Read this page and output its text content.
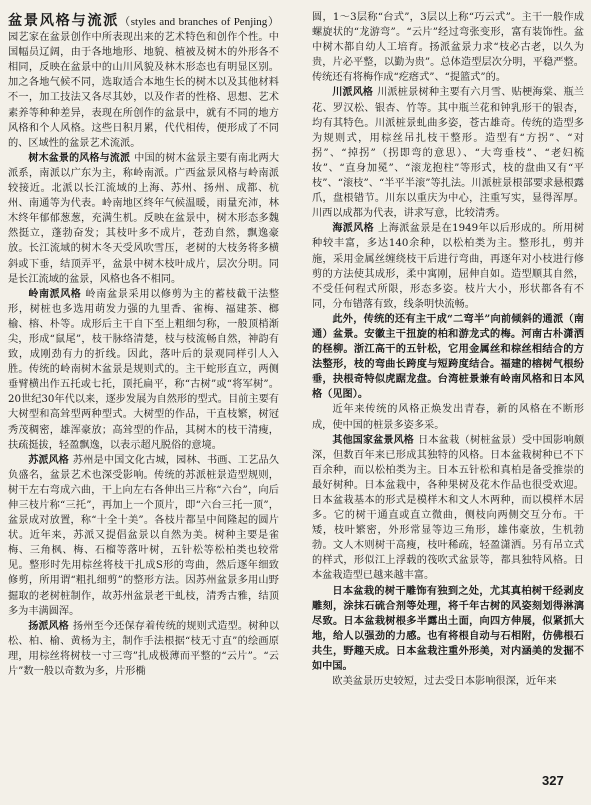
盆景风格与流派（styles and branches of Penjing）园艺家在盆景创作中所表现出来的艺术特色和创作个性。中国幅员辽阔，由于各地地形、地貌、植被及树木的外形各不相同，反映在盆景中的山川风貌及林木形态也有明显区别。加之各地气候不同，选取适合本地生长的树木以及其他材料不一，加工技法又各尽其妙，以及作者的性格、思想、艺术素养等种种差异，表现在所创作的盆景中，就有不同的地方风格和个人风格。这些日积月累，代代相传，便形成了不同的、区域性的盆景艺术流派。

树木盆景的风格与流派 中国的树木盆景主要有南北两大派系，南派以广东为主，称岭南派。广西盆景风格与岭南派较接近。北派以长江流域的上海、苏州、扬州、成都、杭州、南通等为代表。岭南地区终年气候温暖，雨量充沛，林木终年郁郁葱葱，充满生机。反映在盆景中，树木形态多魏然挺立，蓬勃奋发；其枝叶多不成片，苍劲自然，飘逸豪放。长江流域的树木冬天受风吹雪压，老树的大枝务将多横斜或下垂，结顶弄平，盆景中树木枝叶成片，层次分明。同是长江流域的盆景，风格也各不相同。

岭南派风格 岭南盆景采用以修剪为主的蓄枝截干法整形，树桩也多选用萌发力强的九里香、雀梅、福建茶、榔榆、榕、朴等。成形后主干自下至上粗细匀称，一般顶梢渐尖，形成“鼠尾”，枝干脉络清楚，枝与枝流畅自然，神韵有致，成刚劲有力的折线。因此，落叶后的景观同样引人入胜。传统的岭南树木盆景是规则式的。主干蛇形直立，两侧垂臂横出作五托或七托，顶托扁平，称“古树”或“将军树”。20世纪30年代以来，逐步发展为自然形的型式。目前主要有大树型和高耸型两种型式。大树型的作品，干直枝繁，树冠秀茂稠密，雄浑豪放；高耸型的作品，其树木的枝干清瘦，扶疏挺拔，轻盈飘逸，以表示超凡脱俗的意境。

苏派风格 苏州是中国文化古城，园林、书画、工艺品久负盛名，盆景艺术也深受影响。传统的苏派桩景造型规则，树干左右弯成六曲，干上向左右各伸出三片称“六台”，向后伸三枝片称“三托”，再加上一个顶片，即“六台三托一顶”，盆景成对放置，称“十全十美”。各枝片都呈中间隆起的圆片状。近年来，苏派又提倡盆景以自然为美。树种主要是雀梅、三角枫、梅、石榴等落叶树，五针松等松柏类也较常见。整形时先用棕丝将枝干扎成S形的弯曲，然后逐年细致修剪，所用谓“粗扎细剪”的整形方法。因苏州盆景多用山野掘取的老树桩制作，故苏州盆景老干虬枝，清秀古雅，结顶多为丰满圆浑。

扬派风格 扬州至今还保存着传统的规则式造型。树种以松、柏、榆、黄杨为主，制作手法根据“枝无寸直”的绘画原理，用棕丝将树枝一寸三弯”扎成极薄而平整的“云片”。“云片”数一般以奇数为多，片形椭

圆，1～3层称“台式”，3层以上称“巧云式”。主干一般作成螺旋状的“龙游弯”。“云片”经过弯张变形，富有装饰性。盆中树木都自幼人工培育。扬派盆景力求“枝必古老，以久为贵，片必平整，以勤为贵”。总体造型层次分明，平稳严整。传统还有将梅作成“疙瘩式”、“提篮式”的。

川派风格 川派桩景树种主要有六月雪、贴梗海棠、瓶兰花、罗汉松、银杏、竹等。其中瓶兰花和钟乳形干的银杏，均有其特色。川派桩景虬曲多姿，苍古雄奇。传统的造型多为规则式，用棕丝吊扎枝干整形。造型有“方拐”、“对拐”、“掉拐”（拐即弯的意思）、“大弯垂枝”、“老妇梳妆”、“直身加冕”、“滚龙抱柱”等形式，枝的盘曲又有“平枝”、“滚枝”、“半平半滚”等扎法。川派桩景根部要求悬根露爪，盘根错节。川东以重庆为中心，注重写实，显得浑厚。川西以成都为代表，讲求写意，比较清秀。

海派风格 上海派盆景是在1949年以后形成的。所用树种较丰富，多达140余种，以松柏类为主。整形扎，剪并施，采用金属丝缠绕枝干后进行弯曲，再逐年对小枝进行修剪的方法使其成形，柔中寓刚，屈伸自如。造型顺其自然，不受任何程式所限，形态多姿。枝片大小，形状都各有不同，分布错落有致，线条明快流畅。

此外，传统的还有主干成“二弯半”向前倾斜的通派（南通）盆景。安徽主干扭旋的柏和游龙式的梅。河南古朴潇洒的柽柳。浙江高干的五针松，它用金属丝和棕丝相结合的方法整形，枝的弯曲长跨度与短跨度结合。福建的榕树气根纷垂，抉根奇特似虎踞龙盘。台湾桩景兼有岭南风格和日本风格（见图）。

近年来传统的风格正焕发出青春，新的风格在不断形成，使中国的桩景多姿多采。

其他国家盆景风格 日本盆栽（树桩盆景）受中国影响颇深，但数百年来已形成其独特的风格。日本盆栽树种已不下百余种，而以松柏类为主。日本五针松和真柏是备受推崇的最好树种。日本盆栽中，各种果树及花木作品也很受欢迎。日本盆栽基本的形式是模样木和文人木两种，而以模样木居多。它的树干通直或直立微曲，侧枝向两侧交互分布。干矮，枝叶繁密，外形常显等边三角形，雄伟豪放，生机勃勃。文人木则树干高瘦，枝叶稀疏，轻盈潇洒。另有吊立式的样式，形似江上浮载的筏吹式盆景等，都具独特风格。日本盆栽造型已越来越丰富。

日本盆栽的树干雕饰有独到之处，尤其真柏树干经剥皮雕刻，涂抹石硫合剂等处理，将千年古树的风姿刻划得淋漓尽致。日本盆栽树根多半露出土面，向四方伸展，似紧抓大地，给人以强劲的力感。也有将根自动与石相附，仿佛根石共生，野趣天成。日本盆栽注重外形美，对内涵美的发掘不如中国。

欧美盆景历史较短，过去受日本影响很深，近年来

327
